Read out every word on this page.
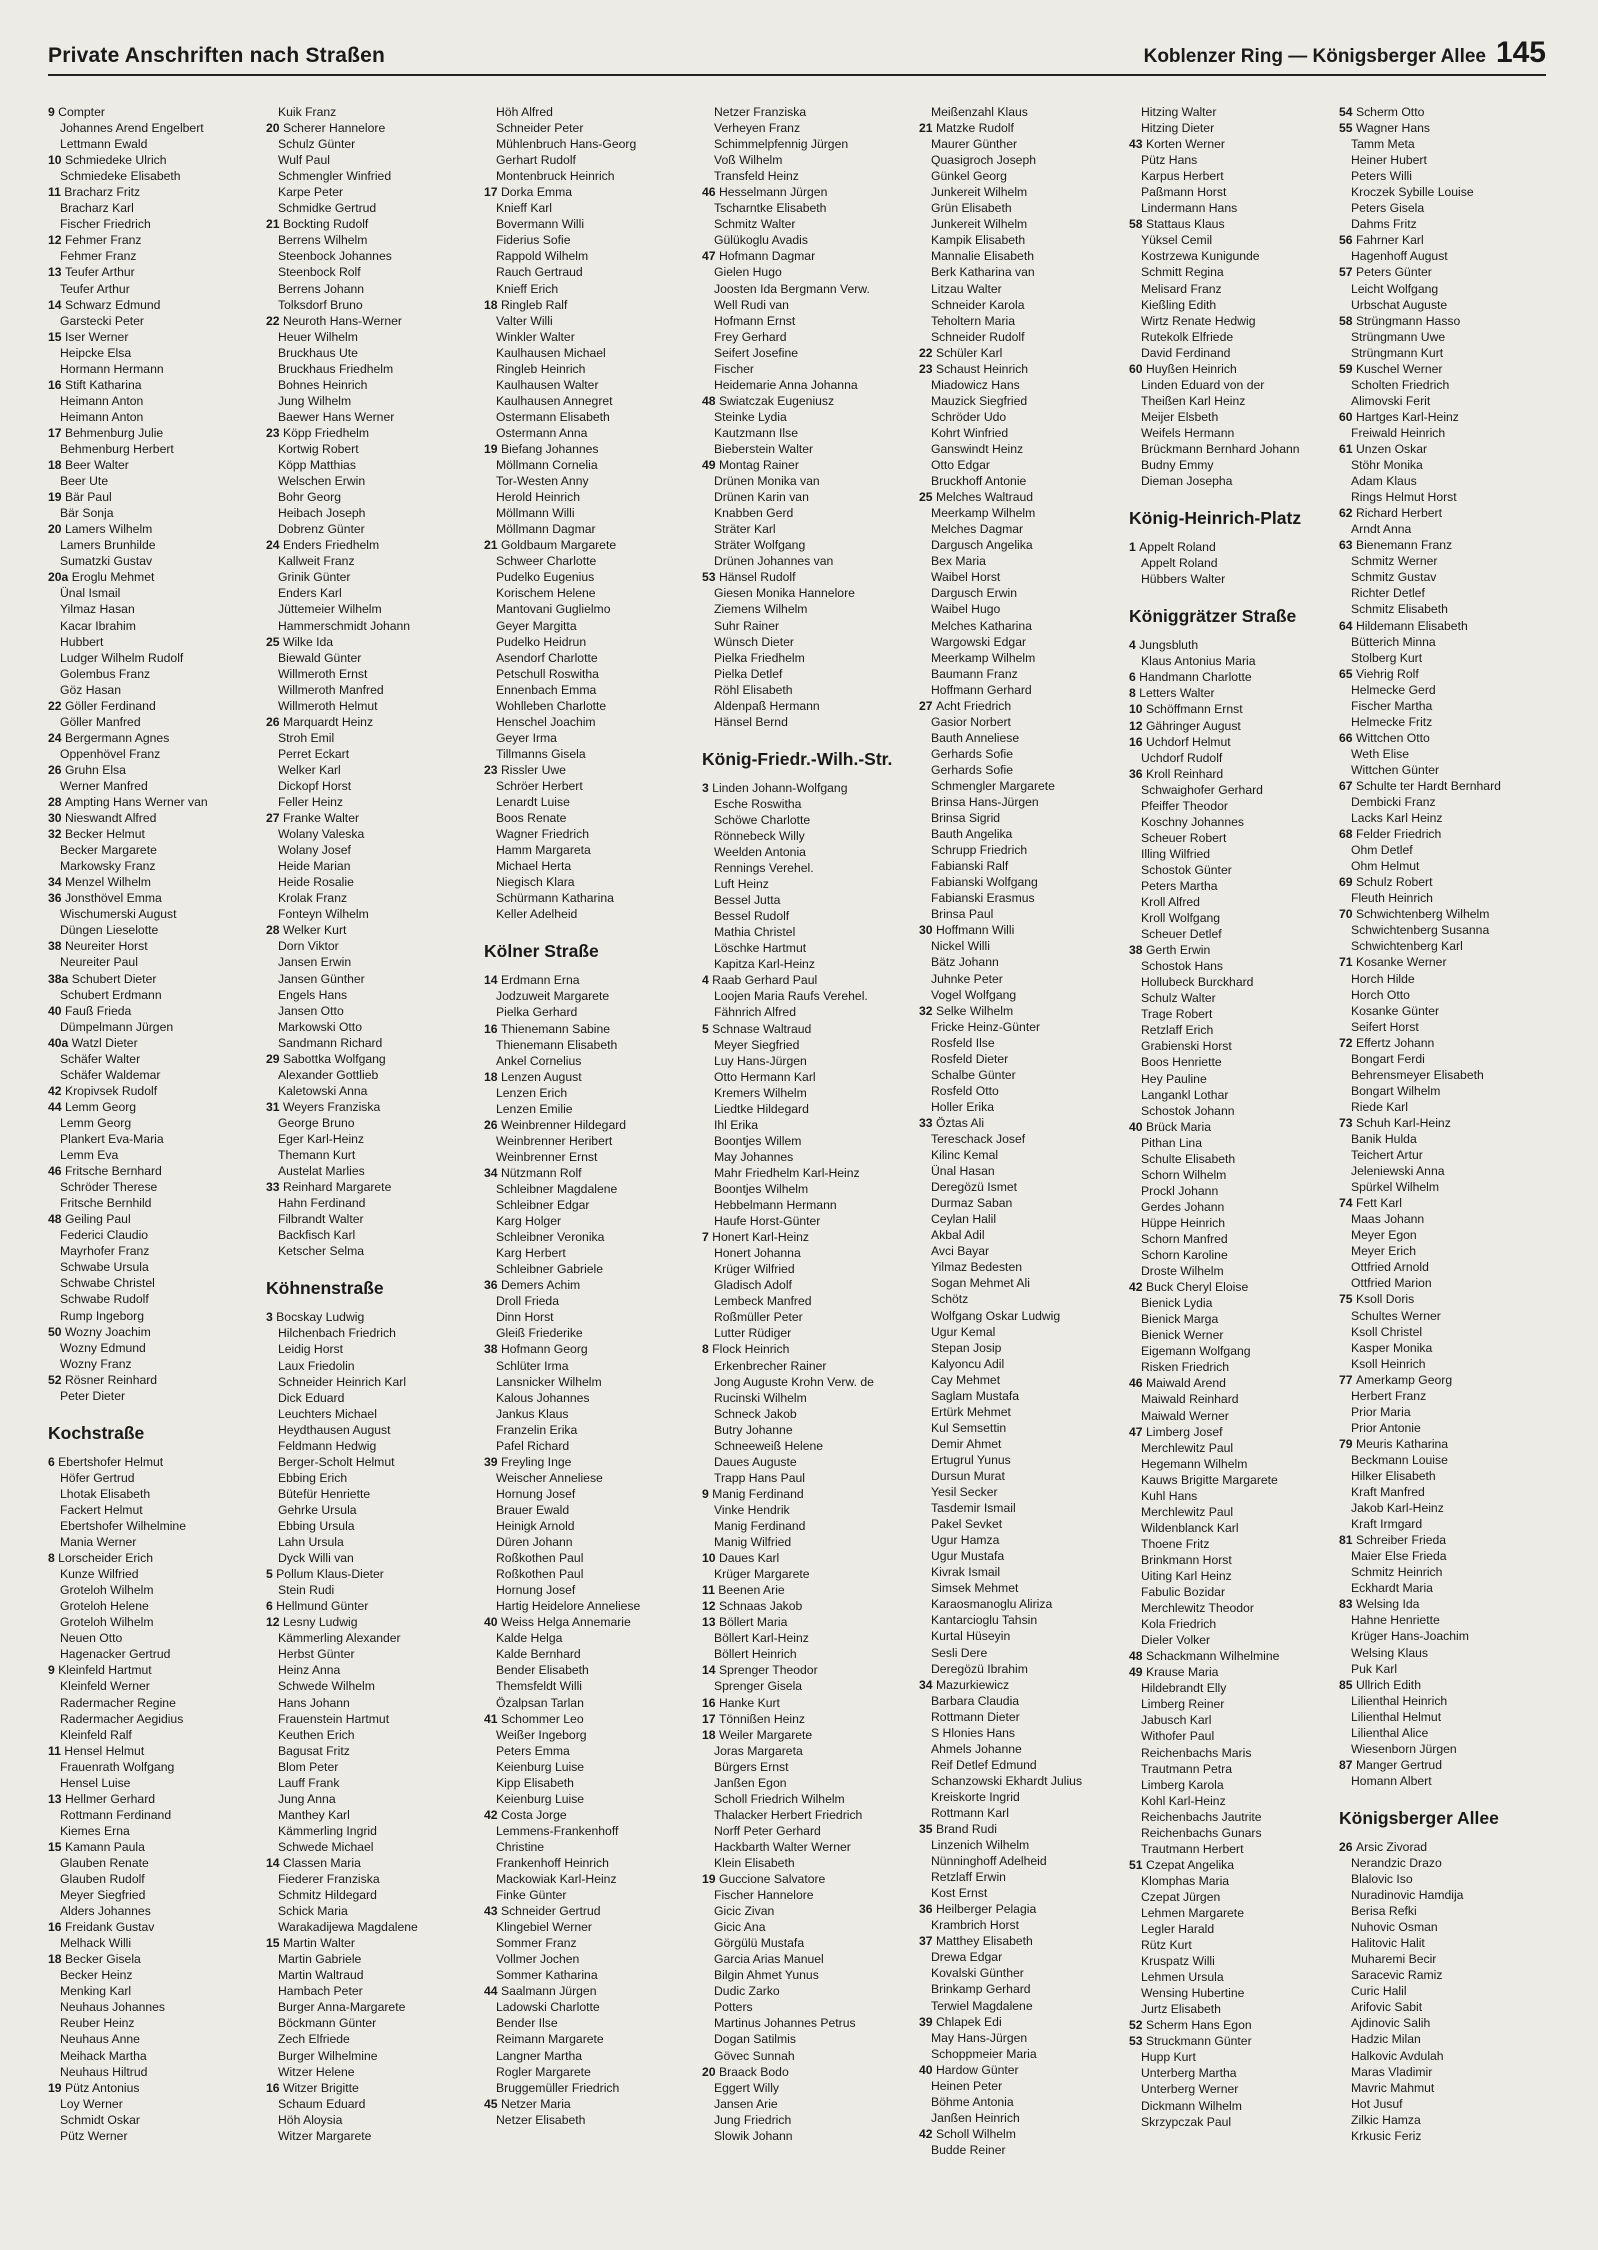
Private Anschriften nach Straßen	Koblenzer Ring — Königsberger Allee 145
9 Compter
Johannes Arend Engelbert
Lettmann Ewald
10 Schmiedeke Ulrich
Schmiedeke Elisabeth
11 Bracharz Fritz
Bracharz Karl
Fischer Friedrich
12 Fehmer Franz
Fehmer Franz
13 Teufer Arthur
Teufer Arthur
14 Schwarz Edmund
Garstecki Peter
15 Iser Werner
Heipcke Elsa
Hormann Hermann
16 Stift Katharina
Heimann Anton
Heimann Anton
17 Behmenburg Julie
Behmenburg Herbert
18 Beer Walter
Beer Ute
19 Bär Paul
Bär Sonja
20 Lamers Wilhelm
Lamers Brunhilde
Sumatzki Gustav
20a Eroglu Mehmet
Ünal Ismail
Yilmaz Hasan
Kacar Ibrahim
Hubbert
Ludger Wilhelm Rudolf
Golembus Franz
Göz Hasan
22 Göller Ferdinand
Göller Manfred
24 Bergermann Agnes
Oppenhövel Franz
26 Gruhn Elsa
Werner Manfred
28 Ampting Hans Werner van
30 Nieswandt Alfred
32 Becker Helmut
Becker Margarete
Markowsky Franz
34 Menzel Wilhelm
36 Jonsthövel Emma
Wischumerski August
Düngen Lieselotte
38 Neureiter Horst
Neureiter Paul
38a Schubert Dieter
Schubert Erdmann
40 Fauß Frieda
Dümpelmann Jürgen
40a Watzl Dieter
Schäfer Walter
Schäfer Waldemar
42 Kropivsek Rudolf
44 Lemm Georg
Lemm Georg
Plankert Eva-Maria
Lemm Eva
46 Fritsche Bernhard
Schröder Therese
Fritsche Bernhild
48 Geiling Paul
Federici Claudio
Mayrhofer Franz
Schwabe Ursula
Schwabe Christel
Schwabe Rudolf
Rump Ingeborg
50 Wozny Joachim
Wozny Edmund
Wozny Franz
52 Rösner Reinhard
Peter Dieter
Kochstraße
6 Ebertshofer Helmut
Höfer Gertrud
Lhotak Elisabeth
Fackert Helmut
Ebertshofer Wilhelmine
Mania Werner
8 Lorscheider Erich
Kunze Wilfried
Groteloh Wilhelm
Groteloh Helene
Groteloh Wilhelm
Neuen Otto
Hagenacker Gertrud
9 Kleinfeld Hartmut
Kleinfeld Werner
Radermacher Regine
Radermacher Aegidius
Kleinfeld Ralf
11 Hensel Helmut
Frauenrath Wolfgang
Hensel Luise
13 Hellmer Gerhard
Rottmann Ferdinand
Kiemes Erna
15 Kamann Paula
Glauben Renate
Glauben Rudolf
Meyer Siegfried
Alders Johannes
16 Freidank Gustav
Melhack Willi
18 Becker Gisela
Becker Heinz
Menking Karl
Neuhaus Johannes
Reuber Heinz
Neuhaus Anne
Meihack Martha
Neuhaus Hiltrud
19 Pütz Antonius
Loy Werner
Schmidt Oskar
Pütz Werner
Kuik Franz
20 Scherer Hannelore
Schulz Günter
Wulf Paul
Schmengler Winfried
Karpe Peter
Schmidke Gertrud
21 Bockting Rudolf
Berrens Wilhelm
Steenbock Johannes
Steenbock Rolf
Berrens Johann
Tolksdorf Bruno
22 Neuroth Hans-Werner
Heuer Wilhelm
Bruckhaus Ute
Bruckhaus Friedhelm
Bohnes Heinrich
Jung Wilhelm
Baewer Hans Werner
23 Köpp Friedhelm
Kortwig Robert
Köpp Matthias
Welschen Erwin
Bohr Georg
Heibach Joseph
Dobrenz Günter
24 Enders Friedhelm
Kallweit Franz
Grinik Günter
Enders Karl
Jüttemeier Wilhelm
Hammerschmidt Johann
25 Wilke Ida
Biewald Günter
Willmeroth Ernst
Willmeroth Manfred
Willmeroth Helmut
26 Marquardt Heinz
Stroh Emil
Perret Eckart
Welker Karl
Dickopf Horst
Feller Heinz
27 Franke Walter
Wolany Valeska
Wolany Josef
Heide Marian
Heide Rosalie
Krolak Franz
Fonteyn Wilhelm
28 Welker Kurt
Dorn Viktor
Jansen Erwin
Jansen Günther
Engels Hans
Jansen Otto
Markowski Otto
Sandmann Richard
29 Sabottka Wolfgang
Alexander Gottlieb
Kaletowski Anna
31 Weyers Franziska
George Bruno
Eger Karl-Heinz
Themann Kurt
Austelat Marlies
33 Reinhard Margarete
Hahn Ferdinand
Filbrandt Walter
Backfisch Karl
Ketscher Selma
Köhnenstraße
3 Bocskay Ludwig
Hilchenbach Friedrich
Leidig Horst
Laux Friedolin
Schneider Heinrich Karl
Dick Eduard
Leuchters Michael
Heydthausen August
Feldmann Hedwig
Berger-Scholt Helmut
Ebbing Erich
Bütefür Henriette
Gehrke Ursula
Ebbing Ursula
Lahn Ursula
Dyck Willi van
5 Pollum Klaus-Dieter
Stein Rudi
6 Hellmund Günter
12 Lesny Ludwig
Kämmerling Alexander
Herbst Günter
Heinz Anna
Schwede Wilhelm
Hans Johann
Frauenstein Hartmut
Keuthen Erich
Bagusat Fritz
Blom Peter
Lauff Frank
Jung Anna
Manthey Karl
Kämmerling Ingrid
Schwede Michael
14 Classen Maria
Fiederer Franziska
Schmitz Hildegard
Schick Maria
Warakadijewa Magdalene
15 Martin Walter
Martin Gabriele
Martin Waltraud
Hambach Peter
Burger Anna-Margarete
Böckmann Günter
Zech Elfriede
Burger Wilhelmine
Witzer Helene
16 Witzer Brigitte
Schaum Eduard
Höh Aloysia
Witzer Margarete
Höh Alfred
Schneider Peter
Mühlenbruch Hans-Georg
Gerhart Rudolf
Montenbruck Heinrich
17 Dorka Emma
Knieff Karl
Bovermann Willi
Fiderius Sofie
Rappold Wilhelm
Rauch Gertraud
Knieff Erich
18 Ringleb Ralf
Valter Willi
Winkler Walter
Kaulhausen Michael
Ringleb Heinrich
Kaulhausen Walter
Kaulhausen Annegret
Ostermann Elisabeth
Ostermann Anna
19 Biefang Johannes
Möllmann Cornelia
Tor-Westen Anny
Herold Heinrich
Möllmann Willi
Möllmann Dagmar
21 Goldbaum Margarete
Schweer Charlotte
Pudelko Eugenius
Korischem Helene
Mantovani Guglielmo
Geyer Margitta
Pudelko Heidrun
Asendorf Charlotte
Petschull Roswitha
Ennenbach Emma
Wohlleben Charlotte
Henschel Joachim
Geyer Irma
Tillmanns Gisela
23 Rissler Uwe
Schröer Herbert
Lenardt Luise
Boos Renate
Wagner Friedrich
Hamm Margareta
Michael Herta
Niegisch Klara
Schürmann Katharina
Keller Adelheid
Kölner Straße
14 Erdmann Erna
Jodzuweit Margarete
Pielka Gerhard
16 Thienemann Sabine
Thienemann Elisabeth
Ankel Cornelius
18 Lenzen August
Lenzen Erich
Lenzen Emilie
26 Weinbrenner Hildegard
Weinbrenner Heribert
Weinbrenner Ernst
34 Nützmann Rolf
Schleibner Magdalene
Schleibner Edgar
Karg Holger
Schleibner Veronika
Karg Herbert
Schleibner Gabriele
36 Demers Achim
Droll Frieda
Dinn Horst
Gleiß Friederike
38 Hofmann Georg
Schlüter Irma
Lansnicker Wilhelm
Kalous Johannes
Jankus Klaus
Franzelin Erika
Pafel Richard
39 Freyling Inge
Weischer Anneliese
Hornung Josef
Brauer Ewald
Heinigk Arnold
Düren Johann
Roßkothen Paul
Roßkothen Paul
Hornung Josef
Hartig Heidelore Anneliese
40 Weiss Helga Annemarie
Kalde Helga
Kalde Bernhard
Bender Elisabeth
Themsfeldt Willi
Özalpsan Tarlan
41 Schommer Leo
Weißer Ingeborg
Peters Emma
Keienburg Luise
Kipp Elisabeth
Keienburg Luise
42 Costa Jorge
Lemmens-Frankenhoff
Christine
Frankenhoff Heinrich
Mackowiak Karl-Heinz
Finke Günter
43 Schneider Gertrud
Klingebiel Werner
Sommer Franz
Vollmer Jochen
Sommer Katharina
44 Saalmann Jürgen
Ladowski Charlotte
Bender Ilse
Reimann Margarete
Langner Martha
Rogler Margarete
Bruggemüller Friedrich
45 Netzer Maria
Netzer Elisabeth
Netzer Franziska
Verheyen Franz
Schimmelpfennig Jürgen
Voß Wilhelm
Transfeld Heinz
46 Hesselmann Jürgen
Tscharntke Elisabeth
Schmitz Walter
Gülükoglu Avadis
47 Hofmann Dagmar
Gielen Hugo
Joosten Ida Bergmann Verw.
Well Rudi van
Hofmann Ernst
Frey Gerhard
Seifert Josefine
Fischer
Heidemarie Anna Johanna
48 Swiatczak Eugeniusz
Steinke Lydia
Kautzmann Ilse
Bieberstein Walter
49 Montag Rainer
Drünen Monika van
Drünen Karin van
Knabben Gerd
Sträter Karl
Sträter Wolfgang
Drünen Johannes van
53 Hänsel Rudolf
Giesen Monika Hannelore
Ziemens Wilhelm
Suhr Rainer
Wünsch Dieter
Pielka Friedhelm
Pielka Detlef
Röhl Elisabeth
Aldenpaß Hermann
Hänsel Bernd
König-Friedr.-Wilh.-Str.
3 Linden Johann-Wolfgang
Esche Roswitha
Schöwe Charlotte
Rönnebeck Willy
Weelden Antonia
Rennings Verehel.
Luft Heinz
Bessel Jutta
Bessel Rudolf
Mathia Christel
Löschke Hartmut
Kapitza Karl-Heinz
4 Raab Gerhard Paul
Loojen Maria Raufs Verehel.
Fähnrich Alfred
5 Schnase Waltraud
Meyer Siegfried
Luy Hans-Jürgen
Otto Hermann Karl
Kremers Wilhelm
Liedtke Hildegard
Ihl Erika
Boontjes Willem
May Johannes
Mahr Friedhelm Karl-Heinz
Boontjes Wilhelm
Hebbelmann Hermann
Haufe Horst-Günter
7 Honert Karl-Heinz
Honert Johanna
Krüger Wilfried
Gladisch Adolf
Lembeck Manfred
Roßmüller Peter
Lutter Rüdiger
8 Flock Heinrich
Erkenbrecher Rainer
Jong Auguste Krohn Verw. de
Rucinski Wilhelm
Schneck Jakob
Butry Johanne
Schneeweiß Helene
Daues Auguste
Trapp Hans Paul
9 Manig Ferdinand
Vinke Hendrik
Manig Ferdinand
Manig Wilfried
10 Daues Karl
Krüger Margarete
11 Beenen Arie
12 Schnaas Jakob
13 Böllert Maria
Böllert Karl-Heinz
Böllert Heinrich
14 Sprenger Theodor
Sprenger Gisela
16 Hanke Kurt
17 Tönnißen Heinz
18 Weiler Margarete
Joras Margareta
Bürgers Ernst
Janßen Egon
Scholl Friedrich Wilhelm
Thalacker Herbert Friedrich
Norff Peter Gerhard
Hackbarth Walter Werner
Klein Elisabeth
19 Guccione Salvatore
Fischer Hannelore
Gicic Zivan
Gicic Ana
Görgülü Mustafa
Garcia Arias Manuel
Bilgin Ahmet Yunus
Dudic Zarko
Potters
Martinus Johannes Petrus
Dogan Satilmis
Gövec Sunnah
20 Braack Bodo
Eggert Willy
Jansen Arie
Jung Friedrich
Slowik Johann
Meißenzahl Klaus
21 Matzke Rudolf
Maurer Günther
Quasigroch Joseph
Günkel Georg
Junkereit Wilhelm
Grün Elisabeth
Junkereit Wilhelm
Kampik Elisabeth
Mannalie Elisabeth
Berk Katharina van
Litzau Walter
Schneider Karola
Teholtern Maria
Schneider Rudolf
22 Schüler Karl
23 Schaust Heinrich
Miadowicz Hans
Mauzick Siegfried
Schröder Udo
Kohrt Winfried
Ganswindt Heinz
Otto Edgar
Bruckhoff Antonie
25 Melches Waltraud
Meerkamp Wilhelm
Melches Dagmar
Dargusch Angelika
Bex Maria
Waibel Horst
Dargusch Erwin
Waibel Hugo
Melches Katharina
Wargowski Edgar
Meerkamp Wilhelm
Baumann Franz
Hoffmann Gerhard
27 Acht Friedrich
Gasior Norbert
Bauth Anneliese
Gerhards Sofie
Gerhards Sofie
Schmengler Margarete
Brinsa Hans-Jürgen
Brinsa Sigrid
Bauth Angelika
Schrupp Friedrich
Fabianski Ralf
Fabianski Wolfgang
Fabianski Erasmus
Brinsa Paul
30 Hoffmann Willi
Nickel Willi
Bätz Johann
Juhnke Peter
Vogel Wolfgang
32 Selke Wilhelm
Fricke Heinz-Günter
Rosfeld Ilse
Rosfeld Dieter
Schalbe Günter
Rosfeld Otto
Holler Erika
33 Öztas Ali
Tereschack Josef
Kilinc Kemal
Ünal Hasan
Deregözü Ismet
Durmaz Saban
Ceylan Halil
Akbal Adil
Avci Bayar
Yilmaz Bedesten
Sogan Mehmet Ali
Schötz
Wolfgang Oskar Ludwig
Ugur Kemal
Stepan Josip
Kalyoncu Adil
Cay Mehmet
Saglam Mustafa
Ertürk Mehmet
Kul Semsettin
Demir Ahmet
Ertugrul Yunus
Dursun Murat
Yesil Secker
Tasdemir Ismail
Pakel Sevket
Ugur Hamza
Ugur Mustafa
Kivrak Ismail
Simsek Mehmet
Karaosmanoglu Aliriza
Kantarcioglu Tahsin
Kurtal Hüseyin
Sesli Dere
Deregözü Ibrahim
34 Mazurkiewicz
Barbara Claudia
Rottmann Dieter
S Hlonies Hans
Ahmels Johanne
Reif Detlef Edmund
Schanzowski Ekhardt Julius
Kreiskorte Ingrid
Rottmann Karl
35 Brand Rudi
Linzenich Wilhelm
Nünninghoff Adelheid
Retzlaff Erwin
Kost Ernst
36 Heilberger Pelagia
Krambrich Horst
37 Mattheу Elisabeth
Drewa Edgar
Kovalski Günther
Brinkamp Gerhard
Terwiel Magdalene
39 Chlapek Edi
May Hans-Jürgen
Schoppmeier Maria
40 Hardow Günter
Heinen Peter
Böhme Antonia
Janßen Heinrich
42 Scholl Wilhelm
Budde Reiner
Hitzing Walter
Hitzing Dieter
43 Korten Werner
Pütz Hans
Karpus Herbert
Paßmann Horst
Lindermann Hans
58 Stattaus Klaus
Yüksel Cemil
Kostrzewa Kunigunde
Schmitt Regina
Melisard Franz
Kießling Edith
Wirtz Renate Hedwig
Rutekolk Elfriede
David Ferdinand
60 Huyßen Heinrich
Linden Eduard von der
Theißen Karl Heinz
Meijer Elsbeth
Weifels Hermann
Brückmann Bernhard Johann
Budny Emmy
Dieman Josepha
König-Heinrich-Platz
1 Appelt Roland
Appelt Roland
Hübbers Walter
Königgrätzer Straße
4 Jungsbluth
Klaus Antonius Maria
6 Handmann Charlotte
8 Letters Walter
10 Schöffmann Ernst
12 Gähringer August
16 Uchdorf Helmut
Uchdorf Rudolf
36 Kroll Reinhard
Schwaighofer Gerhard
Pfeiffer Theodor
Koschny Johannes
Scheuer Robert
Illing Wilfried
Schostok Günter
Peters Martha
Kroll Alfred
Kroll Wolfgang
Scheuer Detlef
38 Gerth Erwin
Schostok Hans
Hollubeck Burckhard
Schulz Walter
Trage Robert
Retzlaff Erich
Grabienski Horst
Boos Henriette
Hey Pauline
Langankl Lothar
Schostok Johann
40 Brück Maria
Pithan Lina
Schulte Elisabeth
Schorn Wilhelm
Prockl Johann
Gerdes Johann
Hüppe Heinrich
Schorn Manfred
Schorn Karoline
Droste Wilhelm
42 Buck Cheryl Eloise
Bienick Lydia
Bienick Marga
Bienick Werner
Eigemann Wolfgang
Risken Friedrich
46 Maiwald Arend
Maiwald Reinhard
Maiwald Werner
47 Limberg Josef
Merchlewitz Paul
Hegemann Wilhelm
Kauws Brigitte Margarete
Kuhl Hans
Merchlewitz Paul
Wildenblanck Karl
Thoene Fritz
Brinkmann Horst
Uiting Karl Heinz
Fabulic Bozidar
Merchlewitz Theodor
Kola Friedrich
Dieler Volker
48 Schackmann Wilhelmine
49 Krause Maria
Hildebrandt Elly
Limberg Reiner
Jabusch Karl
Withofer Paul
Reichenbachs Maris
Trautmann Petra
Limberg Karola
Kohl Karl-Heinz
Reichenbachs Jautrite
Reichenbachs Gunars
Trautmann Herbert
51 Czepat Angelika
Klomphas Maria
Czepat Jürgen
Lehmen Margarete
Legler Harald
Rütz Kurt
Kruspatz Willi
Lehmen Ursula
Wensing Hubertine
Jurtz Elisabeth
52 Scherm Hans Egon
53 Struckmann Günter
Hupp Kurt
Unterberg Martha
Unterberg Werner
Dickmann Wilhelm
Skrzypczak Paul
54 Scherm Otto
55 Wagner Hans
Tamm Meta
Heiner Hubert
Peters Willi
Kroczek Sybille Louise
Peters Gisela
Dahms Fritz
56 Fahrner Karl
Hagenhoff August
57 Peters Günter
Leicht Wolfgang
Urbschat Auguste
58 Strüngmann Hasso
Strüngmann Uwe
Strüngmann Kurt
59 Kuschel Werner
Scholten Friedrich
Alimovski Ferit
60 Hartges Karl-Heinz
Freiwald Heinrich
61 Unzen Oskar
Stöhr Monika
Adam Klaus
Rings Helmut Horst
62 Richard Herbert
Arndt Anna
63 Bienemann Franz
Schmitz Werner
Schmitz Gustav
Richter Detlef
Schmitz Elisabeth
64 Hildemann Elisabeth
Bütterich Minna
Stolberg Kurt
65 Viehrig Rolf
Helmecke Gerd
Fischer Martha
Helmecke Fritz
66 Wittchen Otto
Weth Elise
Wittchen Günter
67 Schulte ter Hardt Bernhard
Dembicki Franz
Lacks Karl Heinz
68 Felder Friedrich
Ohm Detlef
Ohm Helmut
69 Schulz Robert
Fleuth Heinrich
70 Schwichtenberg Wilhelm
Schwichtenberg Susanna
Schwichtenberg Karl
71 Kosanke Werner
Horch Hilde
Horch Otto
Kosanke Günter
Seifert Horst
72 Effertz Johann
Bongart Ferdi
Behrensmeyer Elisabeth
Bongart Wilhelm
Riede Karl
73 Schuh Karl-Heinz
Banik Hulda
Teichert Artur
Jeleniewski Anna
Spürkel Wilhelm
74 Fett Karl
Maas Johann
Meyer Egon
Meyer Erich
Ottfried Arnold
Ottfried Marion
75 Ksoll Doris
Schultes Werner
Ksoll Christel
Kasper Monika
Ksoll Heinrich
77 Amerkamp Georg
Herbert Franz
Prior Maria
Prior Antonie
79 Meuris Katharina
Beckmann Louise
Hilker Elisabeth
Kraft Manfred
Jakob Karl-Heinz
Kraft Irmgard
81 Schreiber Frieda
Maier Else Frieda
Schmitz Heinrich
Eckhardt Maria
83 Welsing Ida
Hahne Henriette
Krüger Hans-Joachim
Welsing Klaus
Puk Karl
85 Ullrich Edith
Lilienthal Heinrich
Lilienthal Helmut
Lilienthal Alice
Wiesenborn Jürgen
87 Manger Gertrud
Homann Albert
Königsberger Allee
26 Arsic Zivorad
Nerandzic Drazo
Blalovic Iso
Nuradinovic Hamdija
Berisa Refki
Nuhovic Osman
Halitovic Halit
Muharemi Becir
Saracevic Ramiz
Curic Halil
Arifovic Sabit
Ajdinovic Salih
Hadzic Milan
Halkovic Avdulah
Maras Vladimir
Mavric Mahmut
Hot Jusuf
Zilkic Hamza
Krkusic Feriz
